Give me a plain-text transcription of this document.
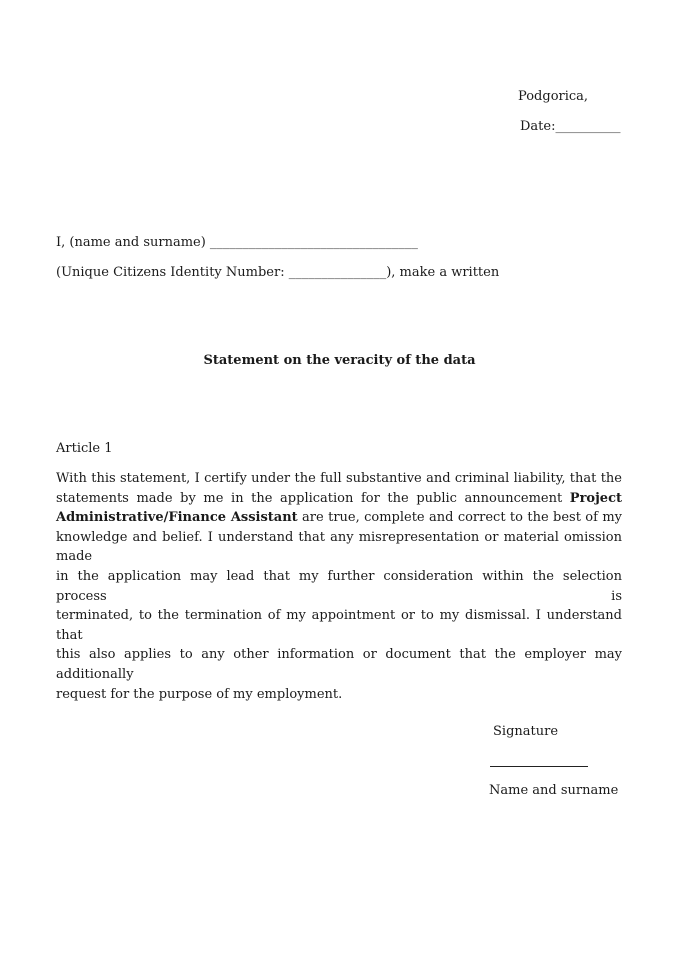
Podgorica,
Date:__________
I, (name and surname) ________________________________
(Unique Citizens Identity Number: _______________), make a written
Statement on the veracity of the data
Article 1
With this statement, I certify under the full substantive and criminal liability, that the
statements made by me in the application for the public announcement Project
Administrative/Finance Assistant are true, complete and correct to the best of my
knowledge and belief. I understand that any misrepresentation or material omission made
in the application may lead that my further consideration within the selection process is
terminated, to the termination of my appointment or to my dismissal. I understand that
this also applies to any other information or document that the employer may additionally
request for the purpose of my employment.
Signature
Name and surname
